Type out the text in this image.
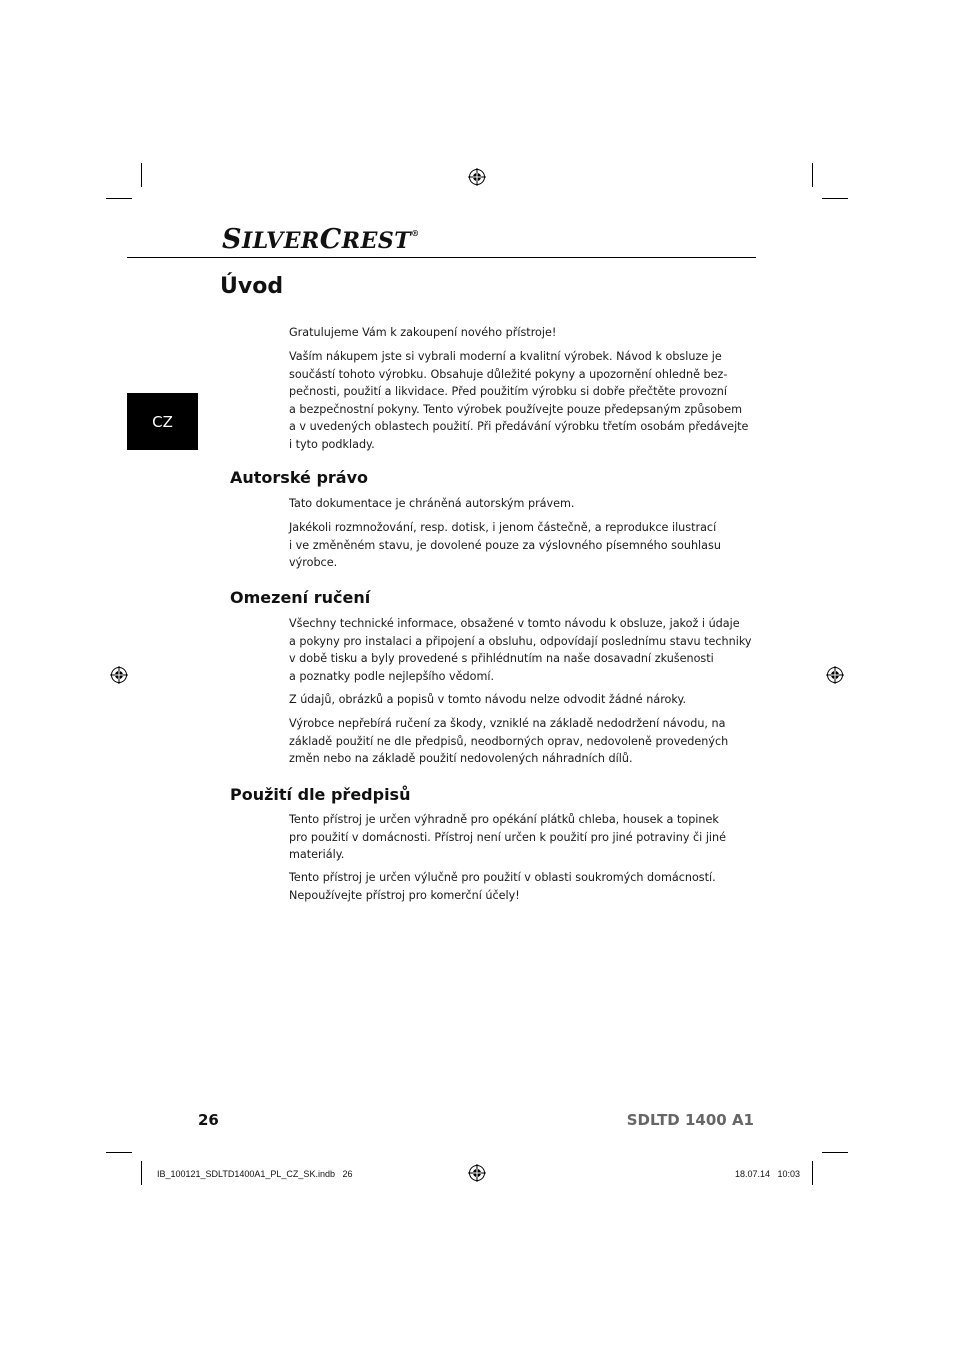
SILVERCREST®
Úvod
CZ
Gratulujeme Vám k zakoupení nového přístroje!
Vaším nákupem jste si vybrali moderní a kvalitní výrobek. Návod k obsluze je
součástí tohoto výrobku. Obsahuje důležité pokyny a upozornění ohledně bez-
pečnosti, použití a likvidace. Před použitím výrobku si dobře přečtěte provozní
a bezpečnostní pokyny. Tento výrobek používejte pouze předepsaným způsobem
a v uvedených oblastech použití. Při předávání výrobku třetím osobám předávejte
i tyto podklady.
Autorské právo
Tato dokumentace je chráněná autorským právem.
Jakékoli rozmnožování, resp. dotisk, i jenom částečně, a reprodukce ilustrací
i ve změněném stavu, je dovolené pouze za výslovného písemného souhlasu
výrobce.
Omezení ručení
Všechny technické informace, obsažené v tomto návodu k obsluze, jakož i údaje
a pokyny pro instalaci a připojení a obsluhu, odpovídají poslednímu stavu techniky
v době tisku a byly provedené s přihlédnutím na naše dosavadní zkušenosti
a poznatky podle nejlepšího vědomí.
Z údajů, obrázků a popisů v tomto návodu nelze odvodit žádné nároky.
Výrobce nepřebírá ručení za škody, vzniklé na základě nedodržení návodu, na
základě použití ne dle předpisů, neodborných oprav, nedovoleně provedených
změn nebo na základě použití nedovolených náhradních dílů.
Použití dle předpisů
Tento přístroj je určen výhradně pro opékání plátků chleba, housek a topinek
pro použití v domácnosti. Přístroj není určen k použití pro jiné potraviny či jiné
materiály.
Tento přístroj je určen výlučně pro použití v oblasti soukromých domácností.
Nepoužívejte přístroj pro komerční účely!
26	SDLTD 1400 A1
IB_100121_SDLTD1400A1_PL_CZ_SK.indb   26	18.07.14   10:03
